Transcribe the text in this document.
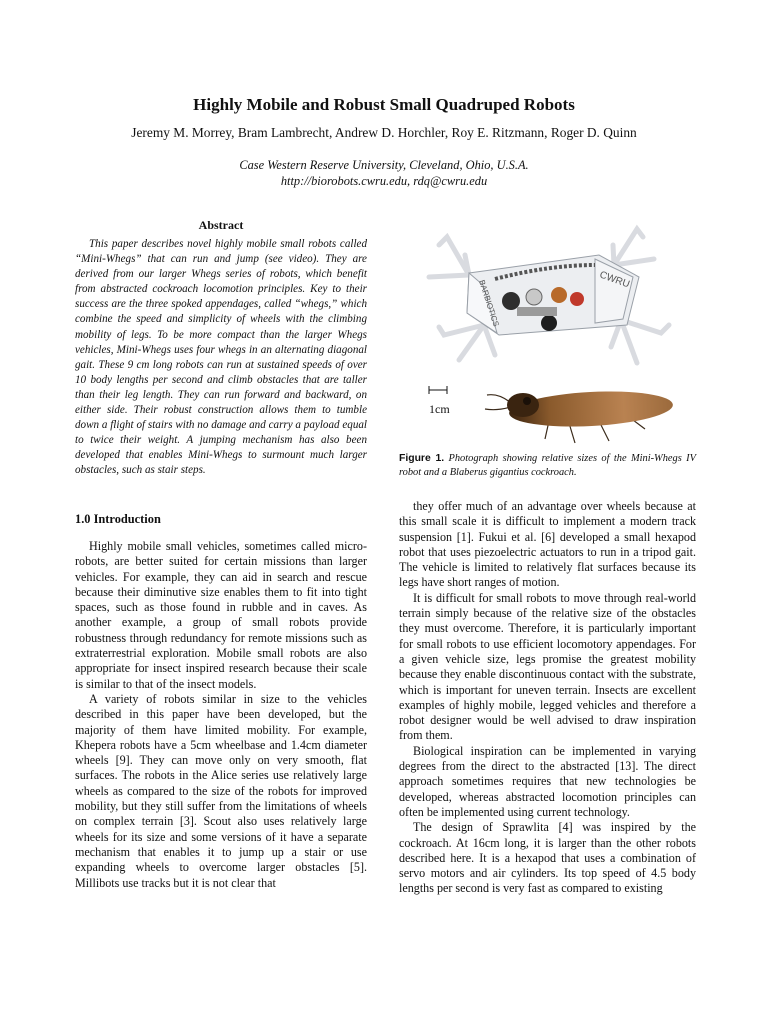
Highly Mobile and Robust Small Quadruped Robots
Jeremy M. Morrey, Bram Lambrecht, Andrew D. Horchler, Roy E. Ritzmann, Roger D. Quinn
Case Western Reserve University, Cleveland, Ohio, U.S.A.
http://biorobots.cwru.edu, rdq@cwru.edu
Abstract

This paper describes novel highly mobile small robots called “Mini-Whegs” that can run and jump (see video). They are derived from our larger Whegs series of robots, which benefit from abstracted cockroach locomotion principles. Key to their success are the three spoked appendages, called “whegs,” which combine the speed and simplicity of wheels with the climbing mobility of legs. To be more compact than the larger Whegs vehicles, Mini-Whegs uses four whegs in an alternating diagonal gait. These 9 cm long robots can run at sustained speeds of over 10 body lengths per second and climb obstacles that are taller than their leg length. They can run forward and backward, on either side. Their robust construction allows them to tumble down a flight of stairs with no damage and carry a payload equal to twice their weight. A jumping mechanism has also been developed that enables Mini-Whegs to surmount much larger obstacles, such as stair steps.

1.0 Introduction

Highly mobile small vehicles, sometimes called micro-robots, are better suited for certain missions than larger vehicles. For example, they can aid in search and rescue because their diminutive size enables them to fit into tight spaces, such as those found in rubble and in caves. As another example, a group of small robots provide robustness through redundancy for remote missions such as extraterrestrial exploration. Mobile small robots are also appropriate for insect inspired research because their scale is similar to that of the insect models.

A variety of robots similar in size to the vehicles described in this paper have been developed, but the majority of them have limited mobility. For example, Khepera robots have a 5cm wheelbase and 1.4cm diameter wheels [9]. They can move only on very smooth, flat surfaces. The robots in the Alice series use relatively large wheels as compared to the size of the robots for improved mobility, but they still suffer from the limitations of wheels on complex terrain [3]. Scout also uses relatively large wheels for its size and some versions of it have a separate mechanism that enables it to jump up a stair or use expanding wheels to overcome larger obstacles [5]. Millibots use tracks but it is not clear that

they offer much of an advantage over wheels because at this small scale it is difficult to implement a modern track suspension [1]. Fukui et al. [6] developed a small hexapod robot that uses piezoelectric actuators to run in a tripod gait. The vehicle is limited to relatively flat surfaces because its legs have short ranges of motion.

It is difficult for small robots to move through real-world terrain simply because of the relative size of the obstacles they must overcome. Therefore, it is particularly important for small robots to use efficient locomotory appendages. For a given vehicle size, legs promise the greatest mobility because they enable discontinuous contact with the substrate, which is important for uneven terrain. Insects are excellent examples of highly mobile, legged vehicles and therefore a robot designer would be well advised to draw inspiration from them.

Biological inspiration can be implemented in varying degrees from the direct to the abstracted [13]. The direct approach sometimes requires that new technologies be developed, whereas abstracted locomotion principles can often be implemented using current technology.

The design of Sprawlita [4] was inspired by the cockroach. At 16cm long, it is larger than the other robots described here. It is a hexapod that uses a combination of servo motors and air cylinders. Its top speed of 4.5 body lengths per second is very fast as compared to existing

BARBIOTICS	CWRU
1cm
Figure 1. Photograph showing relative sizes of the Mini-Whegs IV robot and a Blaberus gigantius cockroach.
